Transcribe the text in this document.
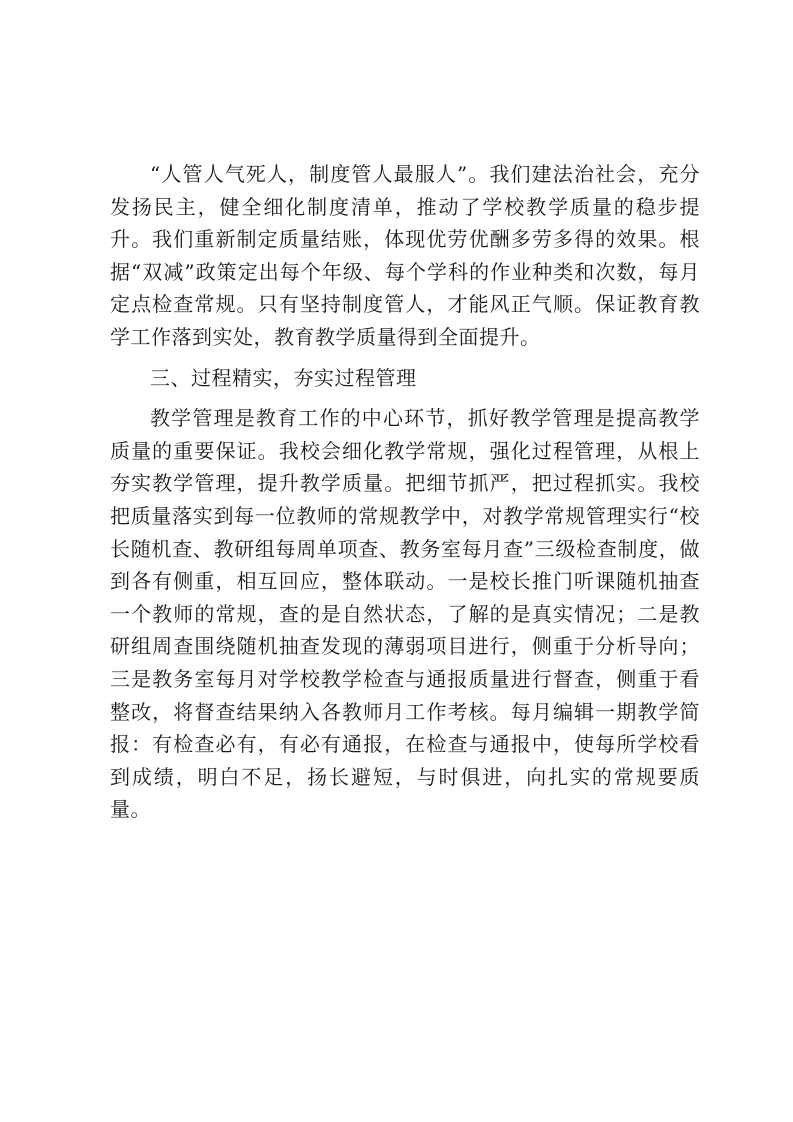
“人管人气死人，制度管人最服人”。我们建法治社会，充分发扬民主，健全细化制度清单，推动了学校教学质量的稳步提升。我们重新制定质量结账，体现优劳优酬多劳多得的效果。根据“双减”政策定出每个年级、每个学科的作业种类和次数，每月定点检查常规。只有坚持制度管人，才能风正气顺。保证教育教学工作落到实处，教育教学质量得到全面提升。

三、过程精实，夯实过程管理

教学管理是教育工作的中心环节，抓好教学管理是提高教学质量的重要保证。我校会细化教学常规，强化过程管理，从根上夯实教学管理，提升教学质量。把细节抓严，把过程抓实。我校把质量落实到每一位教师的常规教学中，对教学常规管理实行“校长随机查、教研组每周单项查、教务室每月查”三级检查制度，做到各有侧重，相互回应，整体联动。一是校长推门听课随机抽查一个教师的常规，查的是自然状态，了解的是真实情况；二是教研组周查围绕随机抽查发现的薄弱项目进行，侧重于分析导向；三是教务室每月对学校教学检查与通报质量进行督查，侧重于看整改，将督查结果纳入各教师月工作考核。每月编辑一期教学简报：有检查必有，有必有通报，在检查与通报中，使每所学校看到成绩，明白不足，扬长避短，与时俱进，向扎实的常规要质量。
